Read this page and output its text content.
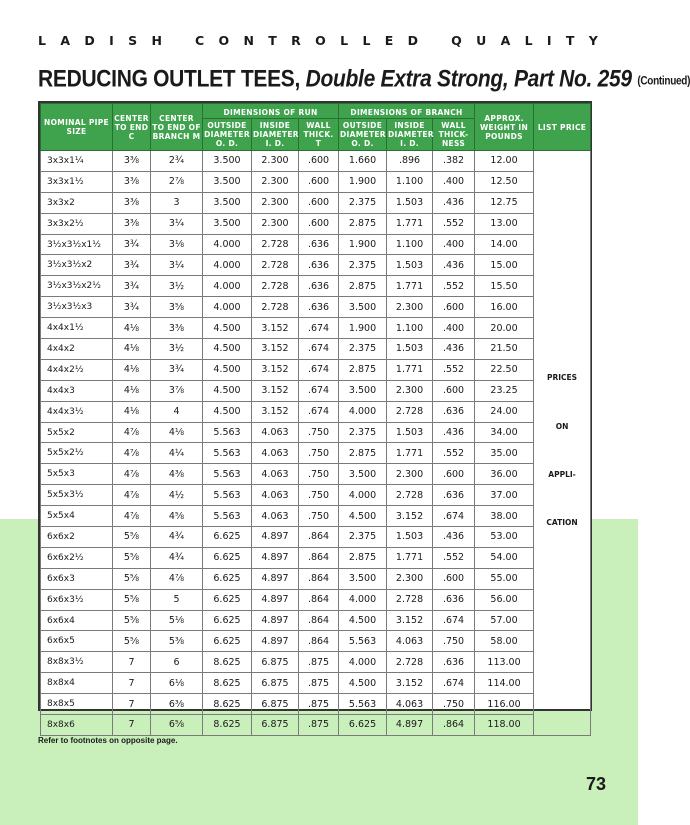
L A D I S H
	C O N T R O L L E D
	Q U A L I T Y
REDUCING OUTLET TEES, Double Extra Strong, Part No. 259 (Continued)
NOMINAL PIPE SIZE	CENTER TO END C	CENTER TO END OF BRANCH M	DIMENSIONS OF RUN			DIMENSIONS OF BRANCH			APPROX. WEIGHT IN POUNDS	LIST PRICE
			OUTSIDE DIAMETER O. D.	INSIDE DIAMETER I. D.	WALL THICK. T	OUTSIDE DIAMETER O. D.	INSIDE DIAMETER I. D.	WALL THICK-NESS		
3x3x1¼	3⅜	2¾	3.500	2.300	.600	1.660	.896	.382	12.00	PRICES
ON
APPLI-
CATION

3x3x1½	3⅜	2⅞	3.500	2.300	.600	1.900	1.100	.400	12.50	
3x3x2	3⅜	3	3.500	2.300	.600	2.375	1.503	.436	12.75	
3x3x2½	3⅜	3¼	3.500	2.300	.600	2.875	1.771	.552	13.00	
3½x3½x1½	3¾	3⅛	4.000	2.728	.636	1.900	1.100	.400	14.00	
3½x3½x2	3¾	3¼	4.000	2.728	.636	2.375	1.503	.436	15.00	
3½x3½x2½	3¾	3½	4.000	2.728	.636	2.875	1.771	.552	15.50	
3½x3½x3	3¾	3⅝	4.000	2.728	.636	3.500	2.300	.600	16.00	
4x4x1½	4⅛	3⅜	4.500	3.152	.674	1.900	1.100	.400	20.00	
4x4x2	4⅛	3½	4.500	3.152	.674	2.375	1.503	.436	21.50	
4x4x2½	4⅛	3¾	4.500	3.152	.674	2.875	1.771	.552	22.50	
4x4x3	4⅛	3⅞	4.500	3.152	.674	3.500	2.300	.600	23.25	
4x4x3½	4⅛	4	4.500	3.152	.674	4.000	2.728	.636	24.00	
5x5x2	4⅞	4⅛	5.563	4.063	.750	2.375	1.503	.436	34.00	
5x5x2½	4⅞	4¼	5.563	4.063	.750	2.875	1.771	.552	35.00	
5x5x3	4⅞	4⅜	5.563	4.063	.750	3.500	2.300	.600	36.00	
5x5x3½	4⅞	4½	5.563	4.063	.750	4.000	2.728	.636	37.00	
5x5x4	4⅞	4⅝	5.563	4.063	.750	4.500	3.152	.674	38.00	
6x6x2	5⅝	4¾	6.625	4.897	.864	2.375	1.503	.436	53.00	
6x6x2½	5⅝	4¾	6.625	4.897	.864	2.875	1.771	.552	54.00	
6x6x3	5⅝	4⅞	6.625	4.897	.864	3.500	2.300	.600	55.00	
6x6x3½	5⅝	5	6.625	4.897	.864	4.000	2.728	.636	56.00	
6x6x4	5⅝	5⅛	6.625	4.897	.864	4.500	3.152	.674	57.00	
6x6x5	5⅝	5⅜	6.625	4.897	.864	5.563	4.063	.750	58.00	
8x8x3½	7	6	8.625	6.875	.875	4.000	2.728	.636	113.00	
8x8x4	7	6⅛	8.625	6.875	.875	4.500	3.152	.674	114.00	
8x8x5	7	6⅜	8.625	6.875	.875	5.563	4.063	.750	116.00	
8x8x6	7	6⅝	8.625	6.875	.875	6.625	4.897	.864	118.00	
Refer to footnotes on opposite page.
73
